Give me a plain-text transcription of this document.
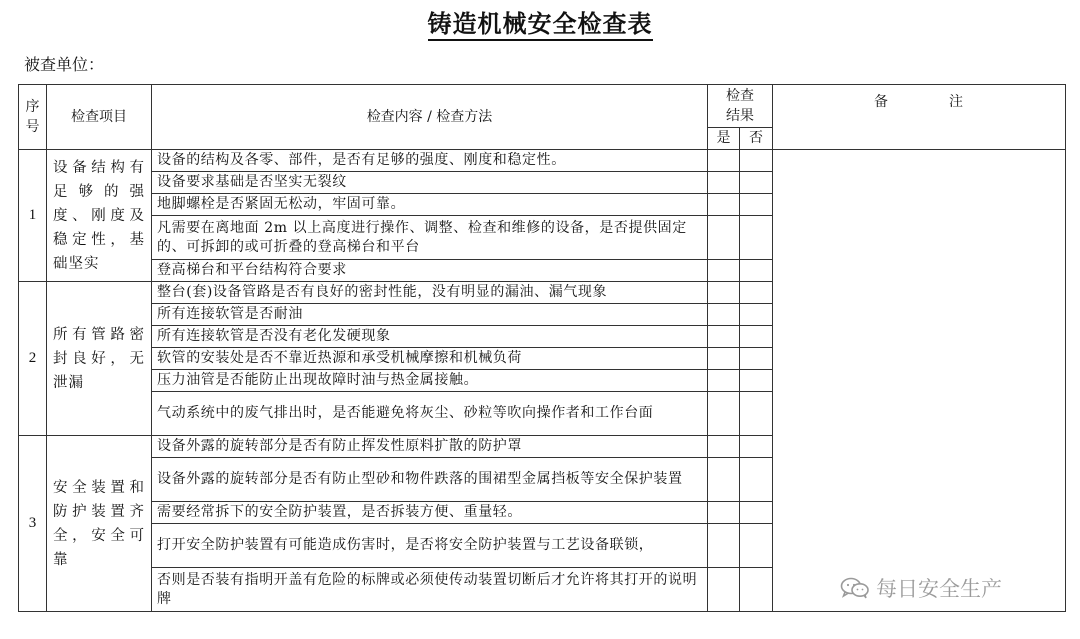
铸造机械安全检查表
被查单位：
序号	检查项目	检查内容 / 检查方法	检查结果		备 注
			是	否	
1	设备结构有足够的强度、刚度及稳定性，基础坚实	设备的结构及各零、部件，是否有足够的强度、刚度和稳定性。			
		设备要求基础是否坚实无裂纹			
		地脚螺栓是否紧固无松动，牢固可靠。			
		凡需要在离地面 2m 以上高度进行操作、调整、检查和维修的设备，是否提供固定的、可拆卸的或可折叠的登高梯台和平台			
		登高梯台和平台结构符合要求			
2	所有管路密封良好，无泄漏	整台(套)设备管路是否有良好的密封性能，没有明显的漏油、漏气现象			
		所有连接软管是否耐油			
		所有连接软管是否没有老化发硬现象			
		软管的安装处是否不靠近热源和承受机械摩擦和机械负荷			
		压力油管是否能防止出现故障时油与热金属接触。			
		气动系统中的废气排出时，是否能避免将灰尘、砂粒等吹向操作者和工作台面			
3	安全装置和防护装置齐全，安全可靠	设备外露的旋转部分是否有防止挥发性原料扩散的防护罩			
		设备外露的旋转部分是否有防止型砂和物件跌落的围裙型金属挡板等安全保护装置			
		需要经常拆下的安全防护装置，是否拆装方便、重量轻。			
		打开安全防护装置有可能造成伤害时，是否将安全防护装置与工艺设备联锁，			
		否则是否装有指明开盖有危险的标牌或必须使传动装置切断后才允许将其打开的说明牌				每日安全生产
